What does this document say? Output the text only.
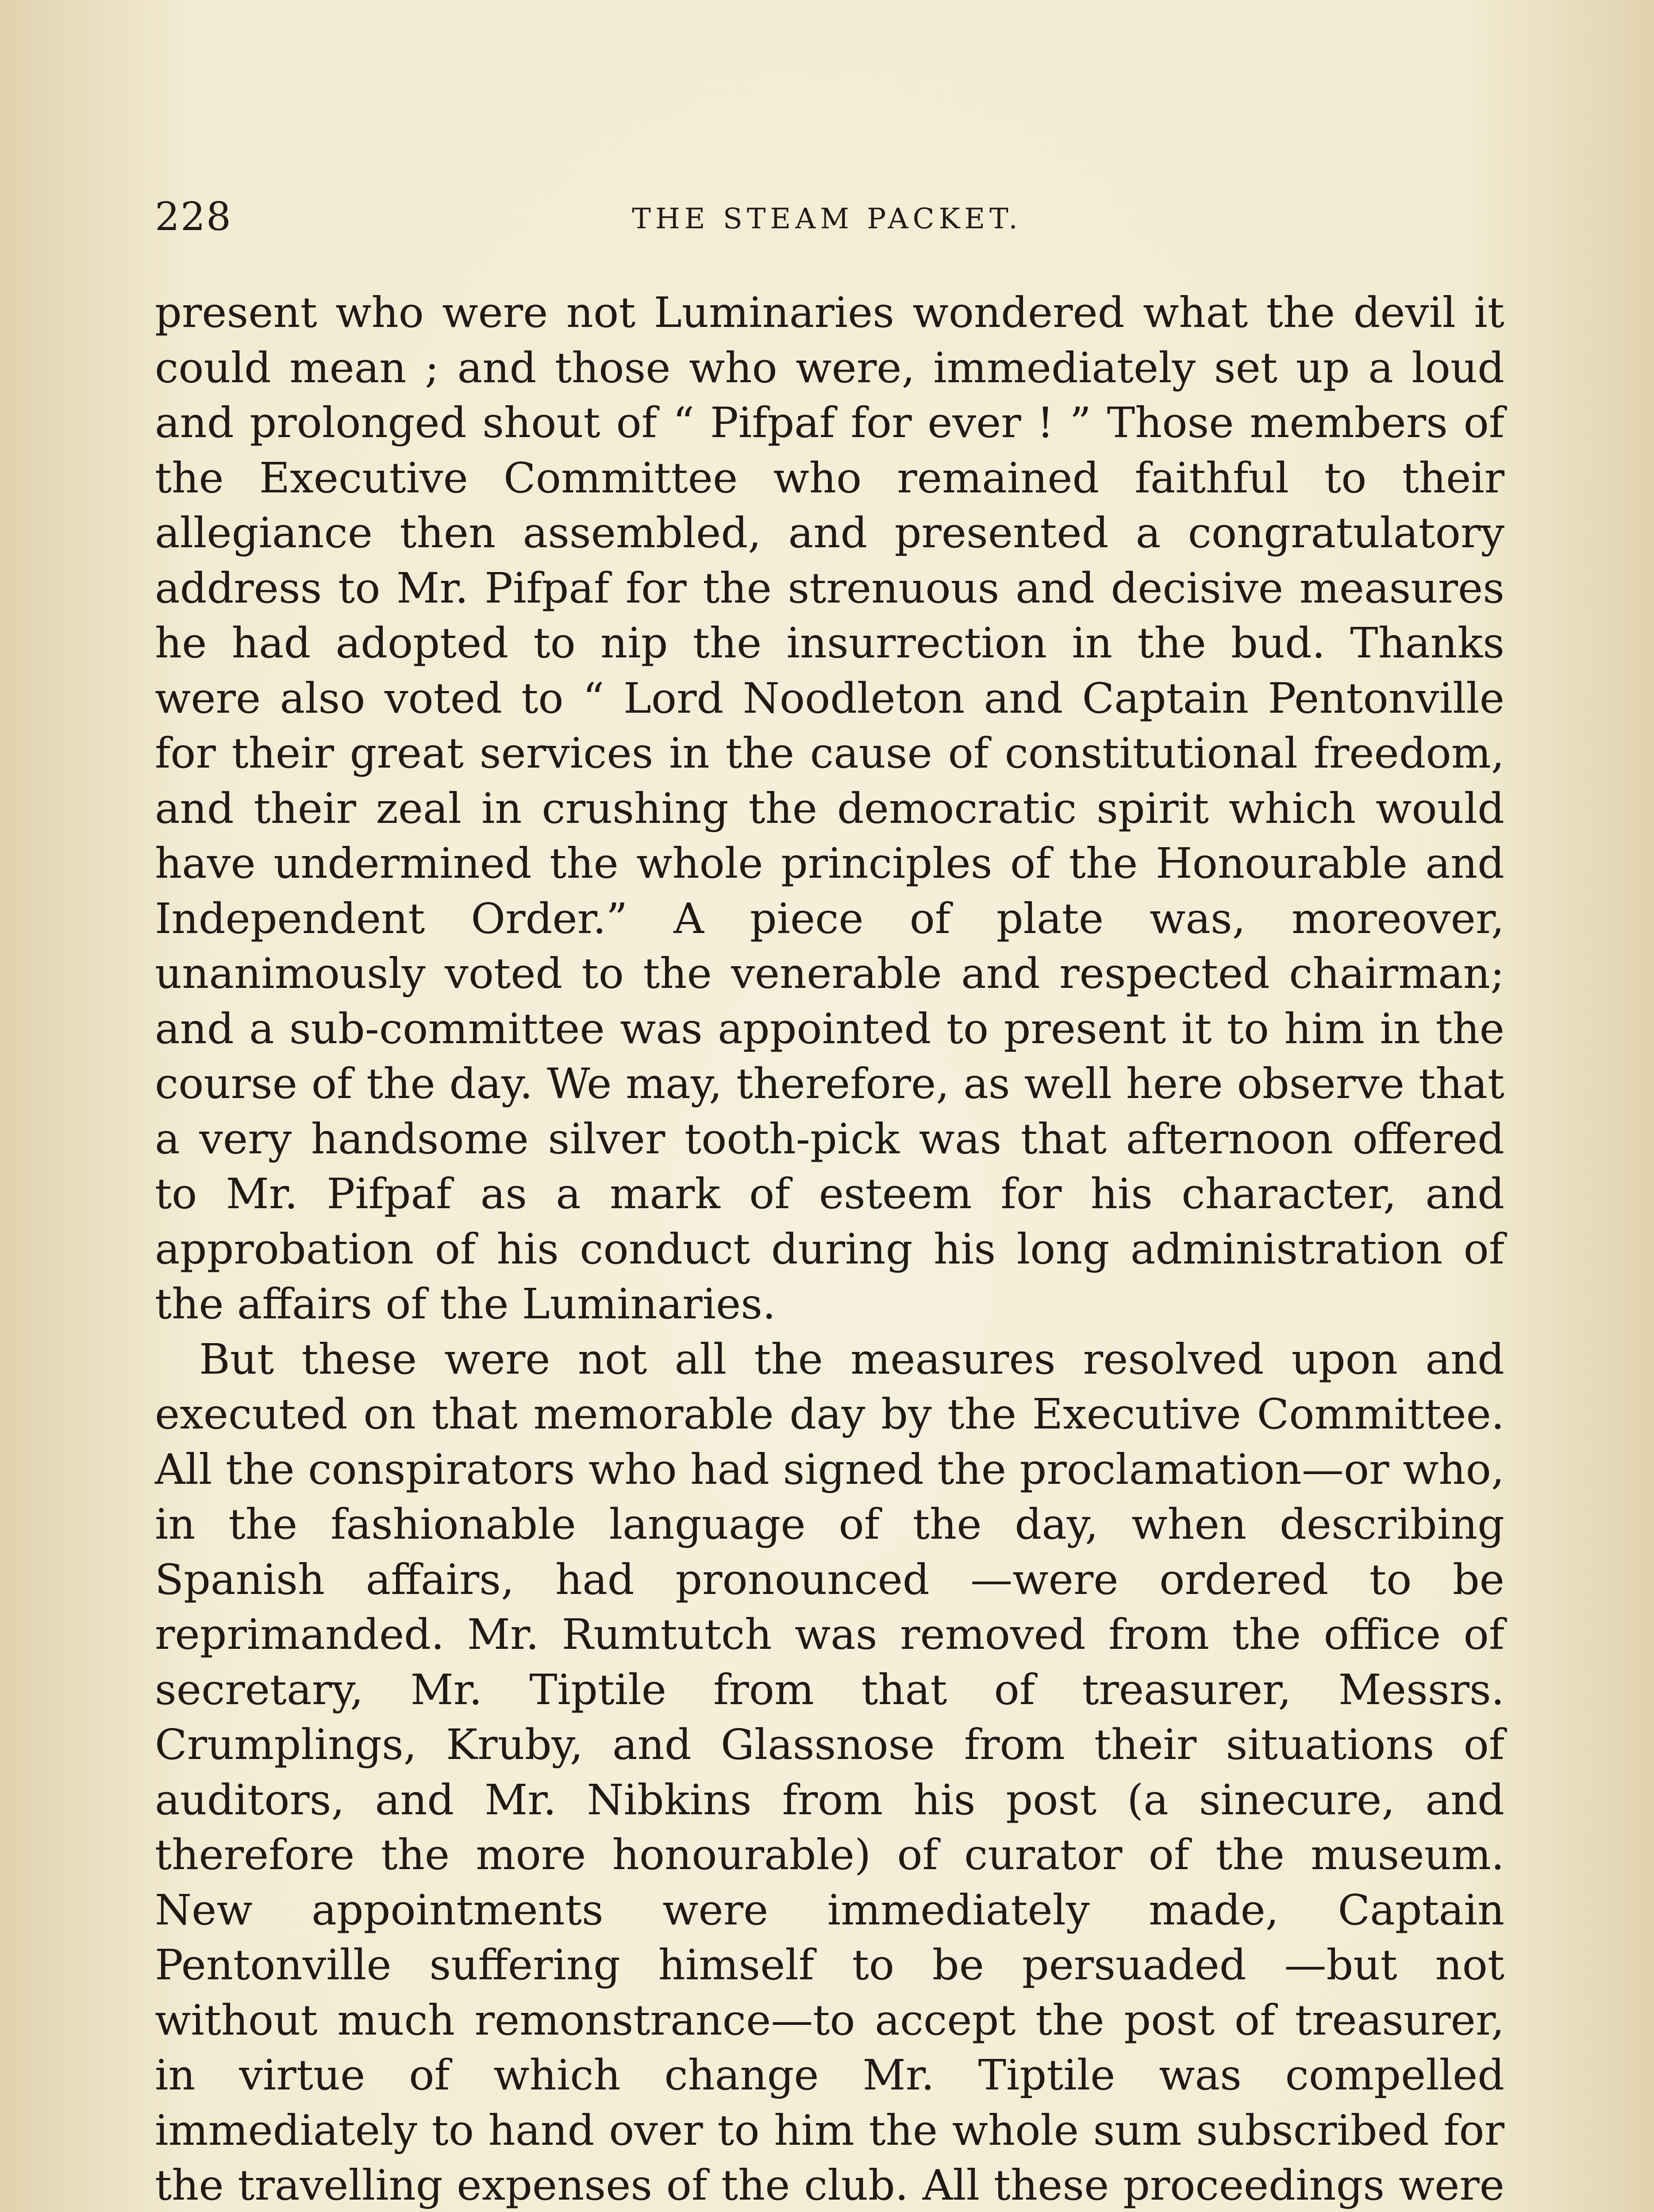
228	THE STEAM PACKET.

present who were not Luminaries wondered what the devil it could mean ; and those who were, immediately set up a loud and prolonged shout of “ Pifpaf for ever ! ” Those members of the Executive Committee who remained faithful to their allegiance then assembled, and presented a congratulatory address to Mr. Pifpaf for the strenuous and decisive measures he had adopted to nip the insurrection in the bud. Thanks were also voted to “ Lord Noodleton and Captain Pentonville for their great services in the cause of constitutional freedom, and their zeal in crushing the democratic spirit which would have undermined the whole principles of the Honourable and Independent Order.” A piece of plate was, moreover, unanimously voted to the venerable and respected chairman; and a sub-committee was appointed to present it to him in the course of the day. We may, therefore, as well here observe that a very handsome silver tooth-pick was that afternoon offered to Mr. Pifpaf as a mark of esteem for his character, and approbation of his conduct during his long administration of the affairs of the Luminaries.

But these were not all the measures resolved upon and executed on that memorable day by the Executive Committee. All the conspirators who had signed the proclamation—or who, in the fashionable language of the day, when describing Spanish affairs, had pronounced —were ordered to be reprimanded. Mr. Rumtutch was removed from the office of secretary, Mr. Tiptile from that of treasurer, Messrs. Crumplings, Kruby, and Glassnose from their situations of auditors, and Mr. Nibkins from his post (a sinecure, and therefore the more honourable) of curator of the museum. New appointments were immediately made, Captain Pentonville suffering himself to be persuaded —but not without much remonstrance—to accept the post of treasurer, in virtue of which change Mr. Tiptile was compelled immediately to hand over to him the whole sum subscribed for the travelling expenses of the club. All these proceedings were
